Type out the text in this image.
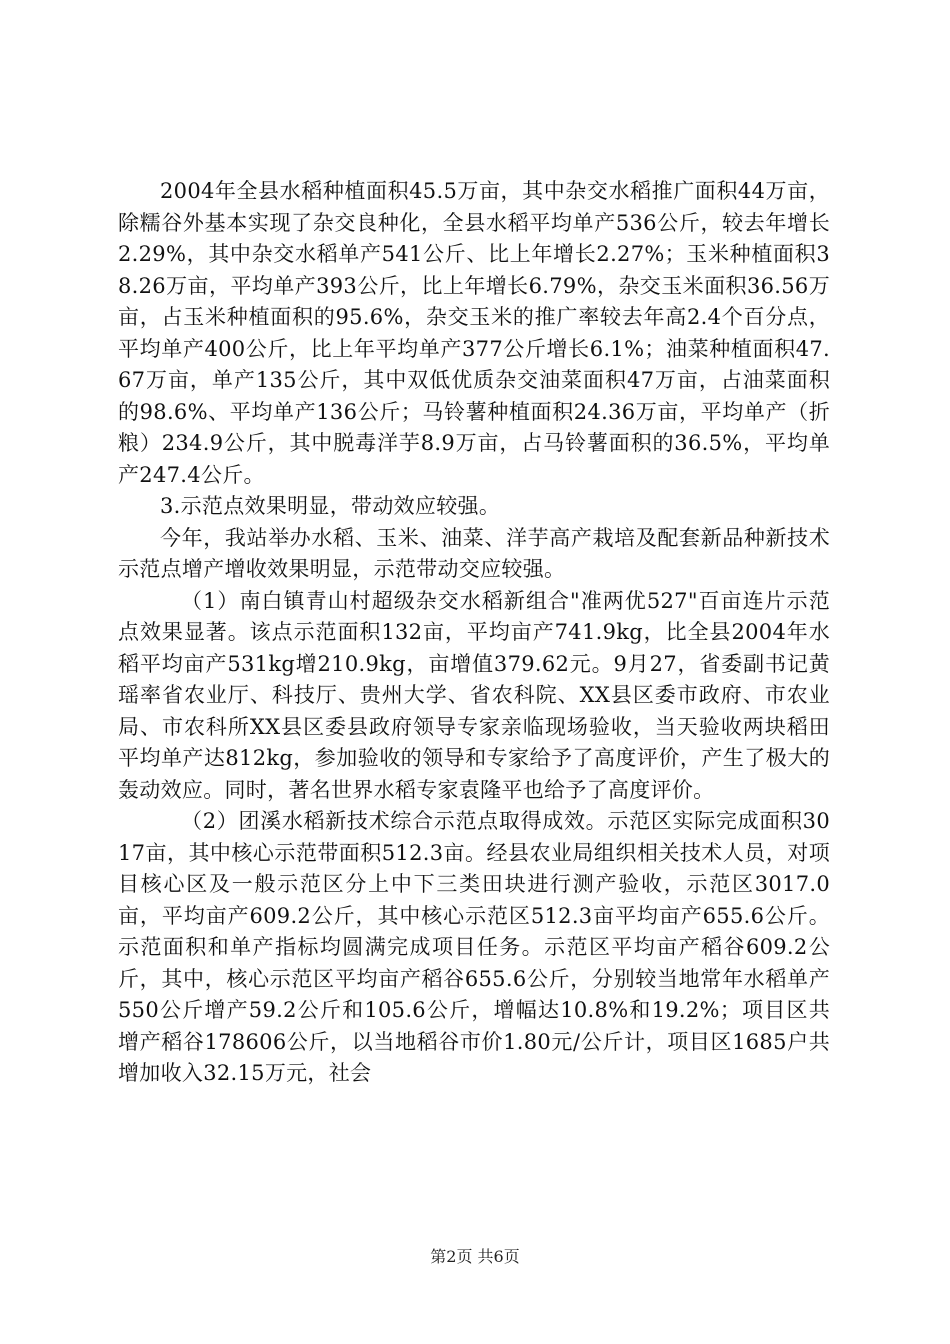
2004年全县水稻种植面积45.5万亩，其中杂交水稻推广面积44万亩，除糯谷外基本实现了杂交良种化，全县水稻平均单产536公斤，较去年增长2.29%，其中杂交水稻单产541公斤、比上年增长2.27%；玉米种植面积38.26万亩，平均单产393公斤，比上年增长6.79%，杂交玉米面积36.56万亩，占玉米种植面积的95.6%，杂交玉米的推广率较去年高2.4个百分点，平均单产400公斤，比上年平均单产377公斤增长6.1%；油菜种植面积47.67万亩，单产135公斤，其中双低优质杂交油菜面积47万亩，占油菜面积的98.6%、平均单产136公斤；马铃薯种植面积24.36万亩，平均单产（折粮）234.9公斤，其中脱毒洋芋8.9万亩，占马铃薯面积的36.5%，平均单产247.4公斤。

3.示范点效果明显，带动效应较强。

今年，我站举办水稻、玉米、油菜、洋芋高产栽培及配套新品种新技术示范点增产增收效果明显，示范带动交应较强。

（1）南白镇青山村超级杂交水稻新组合"准两优527"百亩连片示范点效果显著。该点示范面积132亩，平均亩产741.9kg，比全县2004年水稻平均亩产531kg增210.9kg，亩增值379.62元。9月27，省委副书记黄瑶率省农业厅、科技厅、贵州大学、省农科院、XX县区委市政府、市农业局、市农科所XX县区委县政府领导专家亲临现场验收，当天验收两块稻田平均单产达812kg，参加验收的领导和专家给予了高度评价，产生了极大的轰动效应。同时，著名世界水稻专家袁隆平也给予了高度评价。

（2）团溪水稻新技术综合示范点取得成效。示范区实际完成面积3017亩，其中核心示范带面积512.3亩。经县农业局组织相关技术人员，对项目核心区及一般示范区分上中下三类田块进行测产验收，示范区3017.0亩，平均亩产609.2公斤，其中核心示范区512.3亩平均亩产655.6公斤。示范面积和单产指标均圆满完成项目任务。示范区平均亩产稻谷609.2公斤，其中，核心示范区平均亩产稻谷655.6公斤，分别较当地常年水稻单产550公斤增产59.2公斤和105.6公斤，增幅达10.8%和19.2%；项目区共增产稻谷178606公斤，以当地稻谷市价1.80元/公斤计，项目区1685户共增加收入32.15万元，社会

第2页 共6页
